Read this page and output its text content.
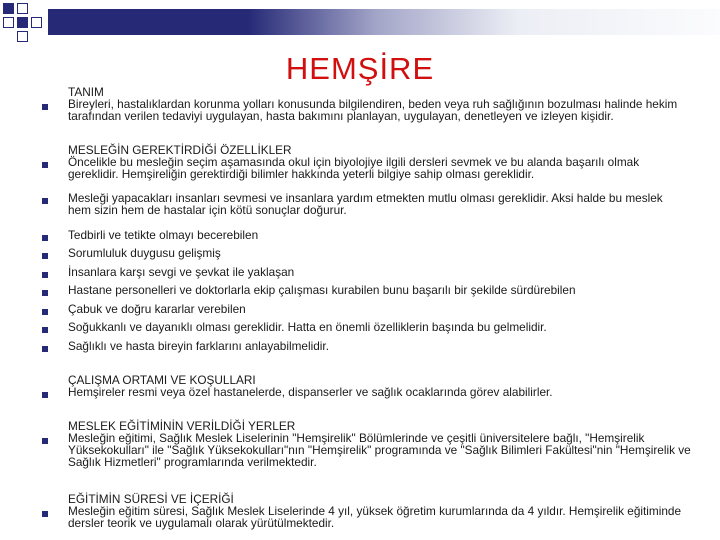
HEMŞİRE
TANIM
Bireyleri, hastalıklardan korunma yolları konusunda bilgilendiren, beden veya ruh sağlığının bozulması halinde hekim tarafından verilen tedaviyi uygulayan, hasta bakımını planlayan, uygulayan, denetleyen ve izleyen kişidir.
MESLEĞİN GEREKTİRDİĞİ ÖZELLİKLER
Öncelikle bu mesleğin seçim aşamasında okul için biyolojiye ilgili dersleri sevmek ve bu alanda başarılı olmak gereklidir. Hemşireliğin gerektirdiği bilimler hakkında yeterli bilgiye sahip olması gereklidir.
Mesleği yapacakları insanları sevmesi ve insanlara yardım etmekten mutlu olması gereklidir. Aksi halde bu meslek hem sizin hem de hastalar için kötü sonuçlar doğurur.
Tedbirli ve tetikte olmayı becerebilen
Sorumluluk duygusu gelişmiş
İnsanlara karşı sevgi ve şevkat ile yaklaşan
Hastane personelleri ve doktorlarla ekip çalışması kurabilen bunu başarılı bir şekilde sürdürebilen
Çabuk ve doğru kararlar verebilen
Soğukkanlı ve dayanıklı olması gereklidir. Hatta en önemli özelliklerin başında bu gelmelidir.
Sağlıklı ve hasta bireyin farklarını anlayabilmelidir.
ÇALIŞMA ORTAMI VE KOŞULLARI
Hemşireler resmi veya özel hastanelerde, dispanserler ve sağlık ocaklarında görev alabilirler.
MESLEK EĞİTİMİNİN VERİLDİĞİ YERLER
Mesleğin eğitimi, Sağlık Meslek Liselerinin "Hemşirelik" Bölümlerinde ve çeşitli üniversitelere bağlı, "Hemşirelik Yüksekokulları" ile "Sağlık Yüksekokulları"nın "Hemşirelik" programında ve "Sağlık Bilimleri Fakültesi"nin "Hemşirelik ve Sağlık Hizmetleri" programlarında verilmektedir.
EĞİTİMİN SÜRESİ VE İÇERİĞİ
Mesleğin eğitim süresi, Sağlık Meslek Liselerinde 4 yıl, yüksek öğretim kurumlarında da 4 yıldır. Hemşirelik eğitiminde dersler teorik ve uygulamalı olarak yürütülmektedir.
